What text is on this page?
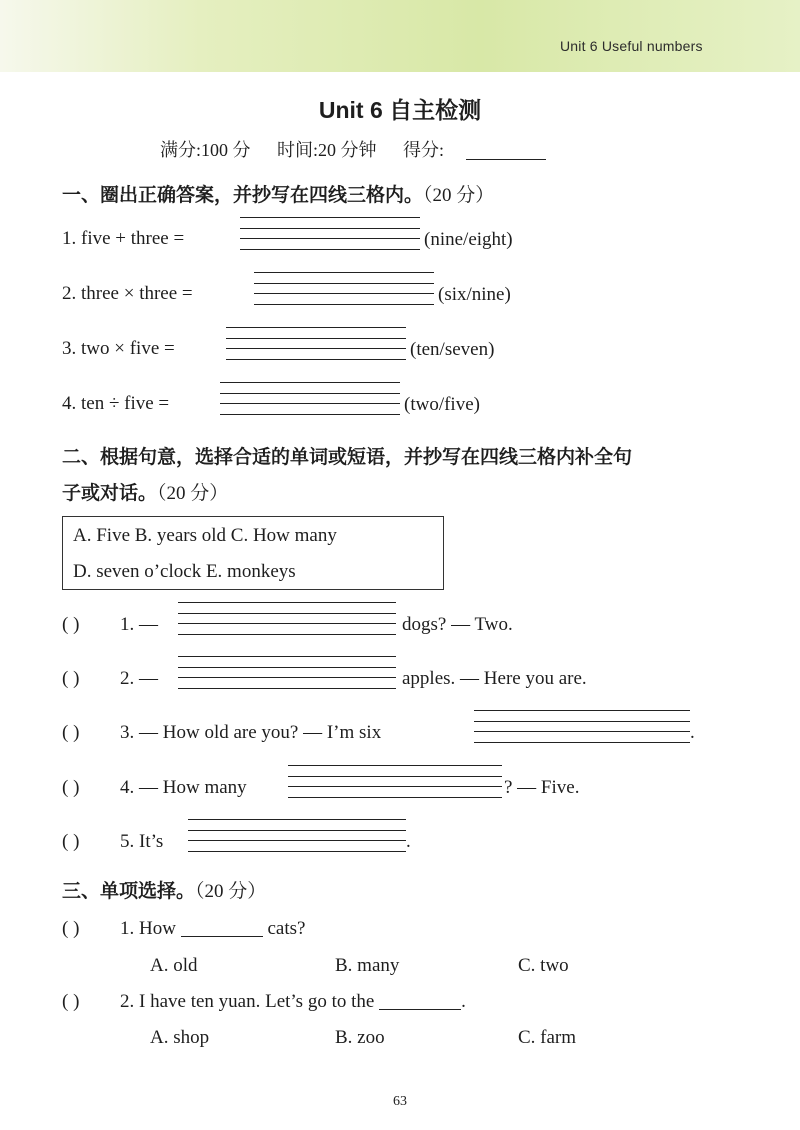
Unit 6 Useful numbers
Unit 6 自主检测
满分:100 分 时间:20 分钟 得分:
一、圈出正确答案，并抄写在四线三格内。（20 分）
1. five + three =	(nine/eight)
2. three × three =	(six/nine)
3. two × five =	(ten/seven)
4. ten ÷ five =	(two/five)
二、根据句意，选择合适的单词或短语，并抄写在四线三格内补全句
子或对话。（20 分）
A. Five B. years old C. How many
D. seven o’clock E. monkeys
( ) 1. —	dogs? — Two.
( ) 2. —	apples. — Here you are.
( ) 3. — How old are you? — I’m six	.
( ) 4. — How many	? — Five.
( ) 5. It’s	.
三、单项选择。（20 分）
( ) 1. How	cats?
A. old	B. many	C. two
( ) 2. I have ten yuan. Let’s go to the	.
A. shop	B. zoo	C. farm
63
